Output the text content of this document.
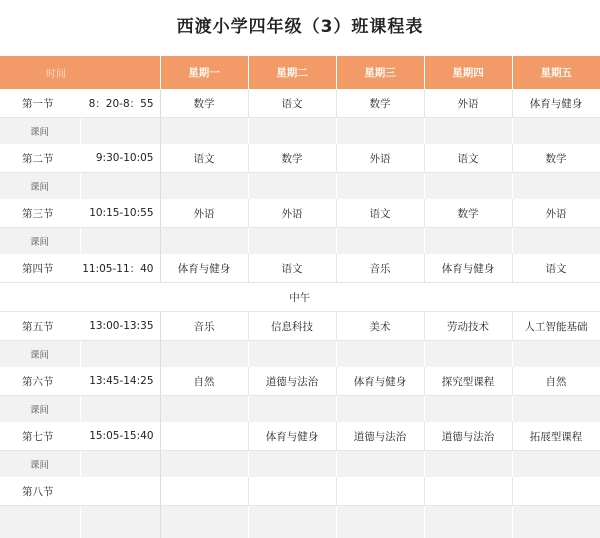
西渡小学四年级（3）班课程表
时间		星期一	星期二	星期三	星期四	星期五
第一节	8：20-8：55	数学	语文	数学	外语	体育与健身
课间						
第二节	9:30-10:05	语文	数学	外语	语文	数学
课间						
第三节	10:15-10:55	外语	外语	语文	数学	外语
课间						
第四节	11:05-11：40	体育与健身	语文	音乐	体育与健身	语文
中午						
第五节	13:00-13:35	音乐	信息科技	美术	劳动技术	人工智能基础
课间						
第六节	13:45-14:25	自然	道德与法治	体育与健身	探究型课程	自然
课间						
第七节	15:05-15:40		体育与健身	道德与法治	道德与法治	拓展型课程
课间						
第八节						
